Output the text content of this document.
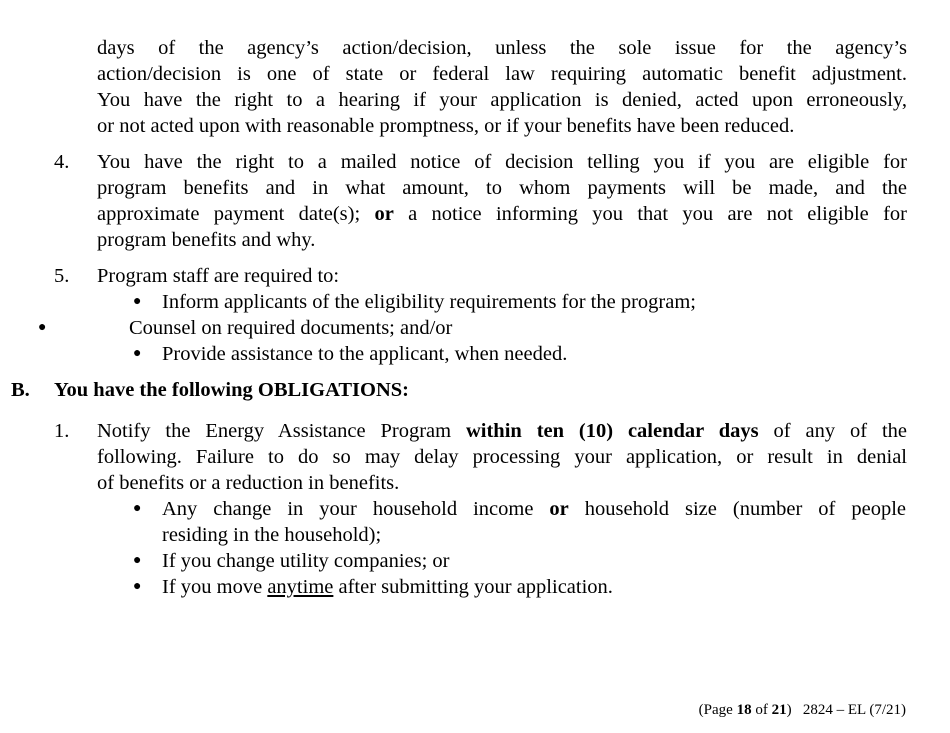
days of the agency’s action/decision, unless the sole issue for the agency’s
action/decision is one of state or federal law requiring automatic benefit adjustment.
You have the right to a hearing if your application is denied, acted upon erroneously,
or not acted upon with reasonable promptness, or if your benefits have been reduced.
4. You have the right to a mailed notice of decision telling you if you are eligible for
program benefits and in what amount, to whom payments will be made, and the
approximate payment date(s); or a notice informing you that you are not eligible for
program benefits and why.
5. Program staff are required to:
● Inform applicants of the eligibility requirements for the program;
●	Counsel on required documents; and/or
● Provide assistance to the applicant, when needed.
B. You have the following OBLIGATIONS:
1. Notify the Energy Assistance Program within ten (10) calendar days of any of the
following. Failure to do so may delay processing your application, or result in denial
of benefits or a reduction in benefits.
● Any change in your household income or household size (number of people
residing in the household);
● If you change utility companies; or
● If you move anytime after submitting your application.
(Page 18 of 21) 2824 – EL (7/21)
